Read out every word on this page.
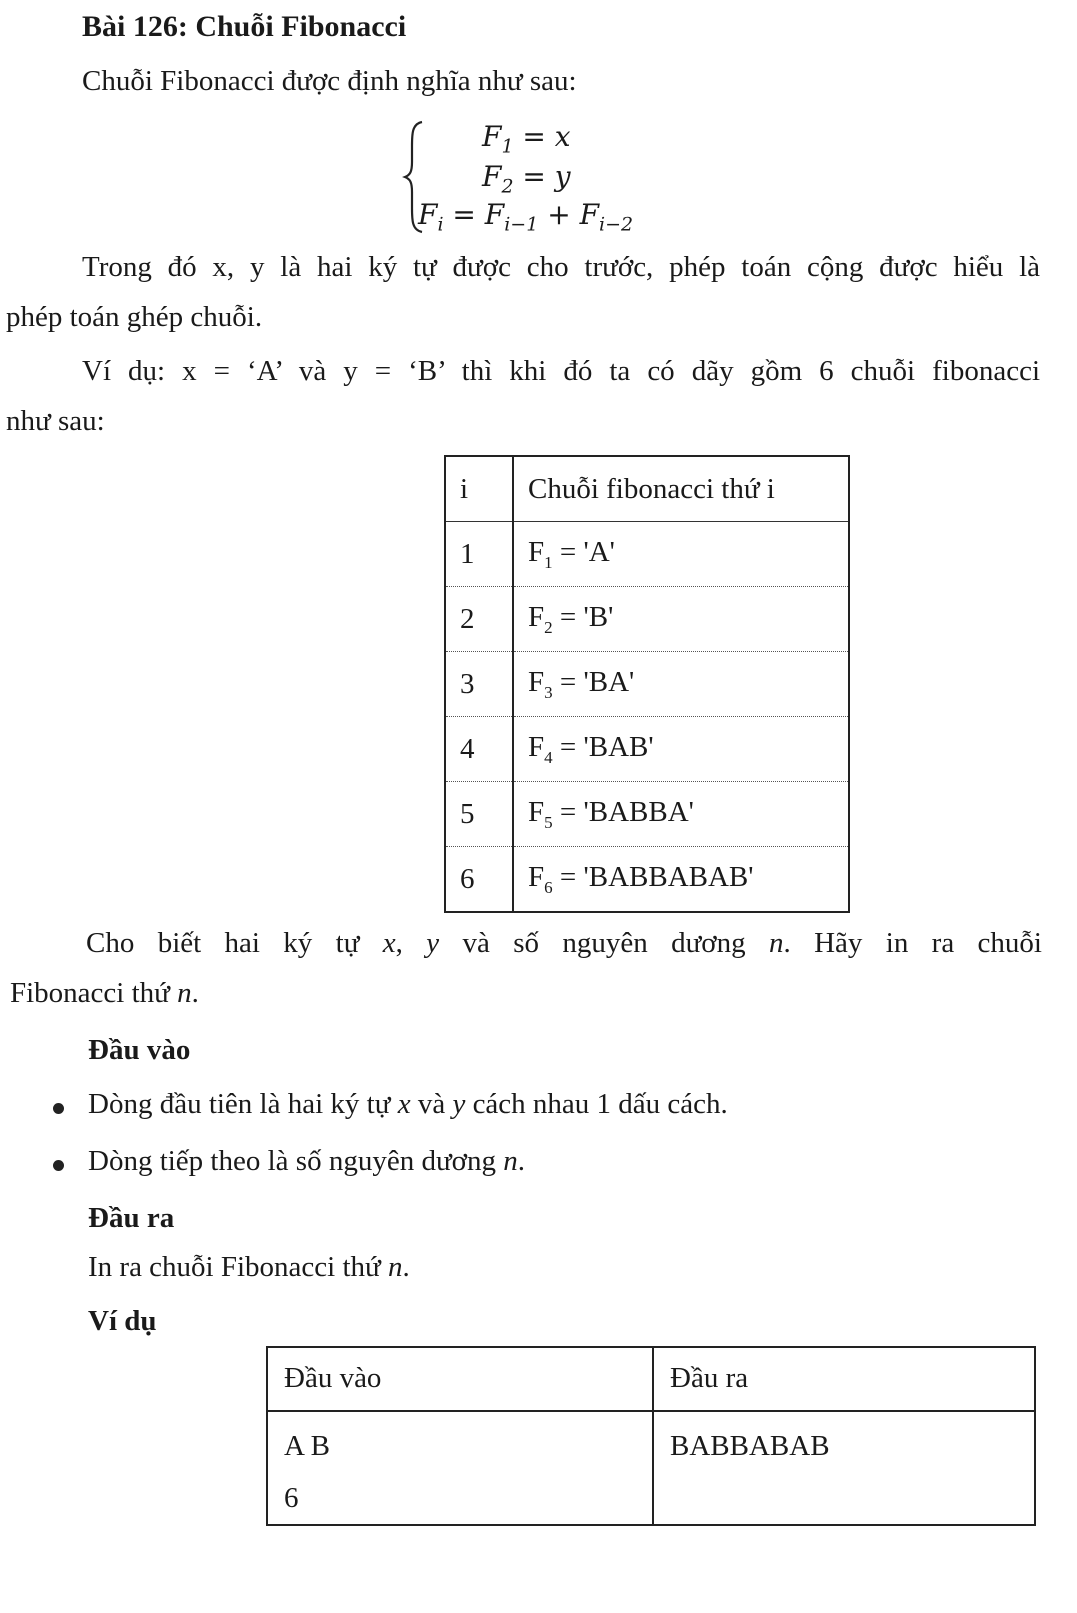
Bài 126: Chuỗi Fibonacci
Chuỗi Fibonacci được định nghĩa như sau:
$F_1 = x$
$F_2 = y$
$F_i = F_{i-1} + F_{i-2}$
Trong đó x, y là hai ký tự được cho trước, phép toán cộng được hiểu là
phép toán ghép chuỗi.
Ví dụ: x = ‘A’ và y = ‘B’ thì khi đó ta có dãy gồm 6 chuỗi fibonacci
như sau:
i	Chuỗi fibonacci thứ i
1	$F_1$ = 'A'
2	$F_2$ = 'B'
3	$F_3$ = 'BA'
4	$F_4$ = 'BAB'
5	$F_5$ = 'BABBA'
6	$F_6$ = 'BABBABAB'
Cho biết hai ký tự x, y và số nguyên dương n. Hãy in ra chuỗi
Fibonacci thứ n.
Đầu vào
Dòng đầu tiên là hai ký tự x và y cách nhau 1 dấu cách.
Dòng tiếp theo là số nguyên dương n.
Đầu ra
In ra chuỗi Fibonacci thứ n.
Ví dụ
Đầu vào	Đầu ra

A B
6	BABBABAB
